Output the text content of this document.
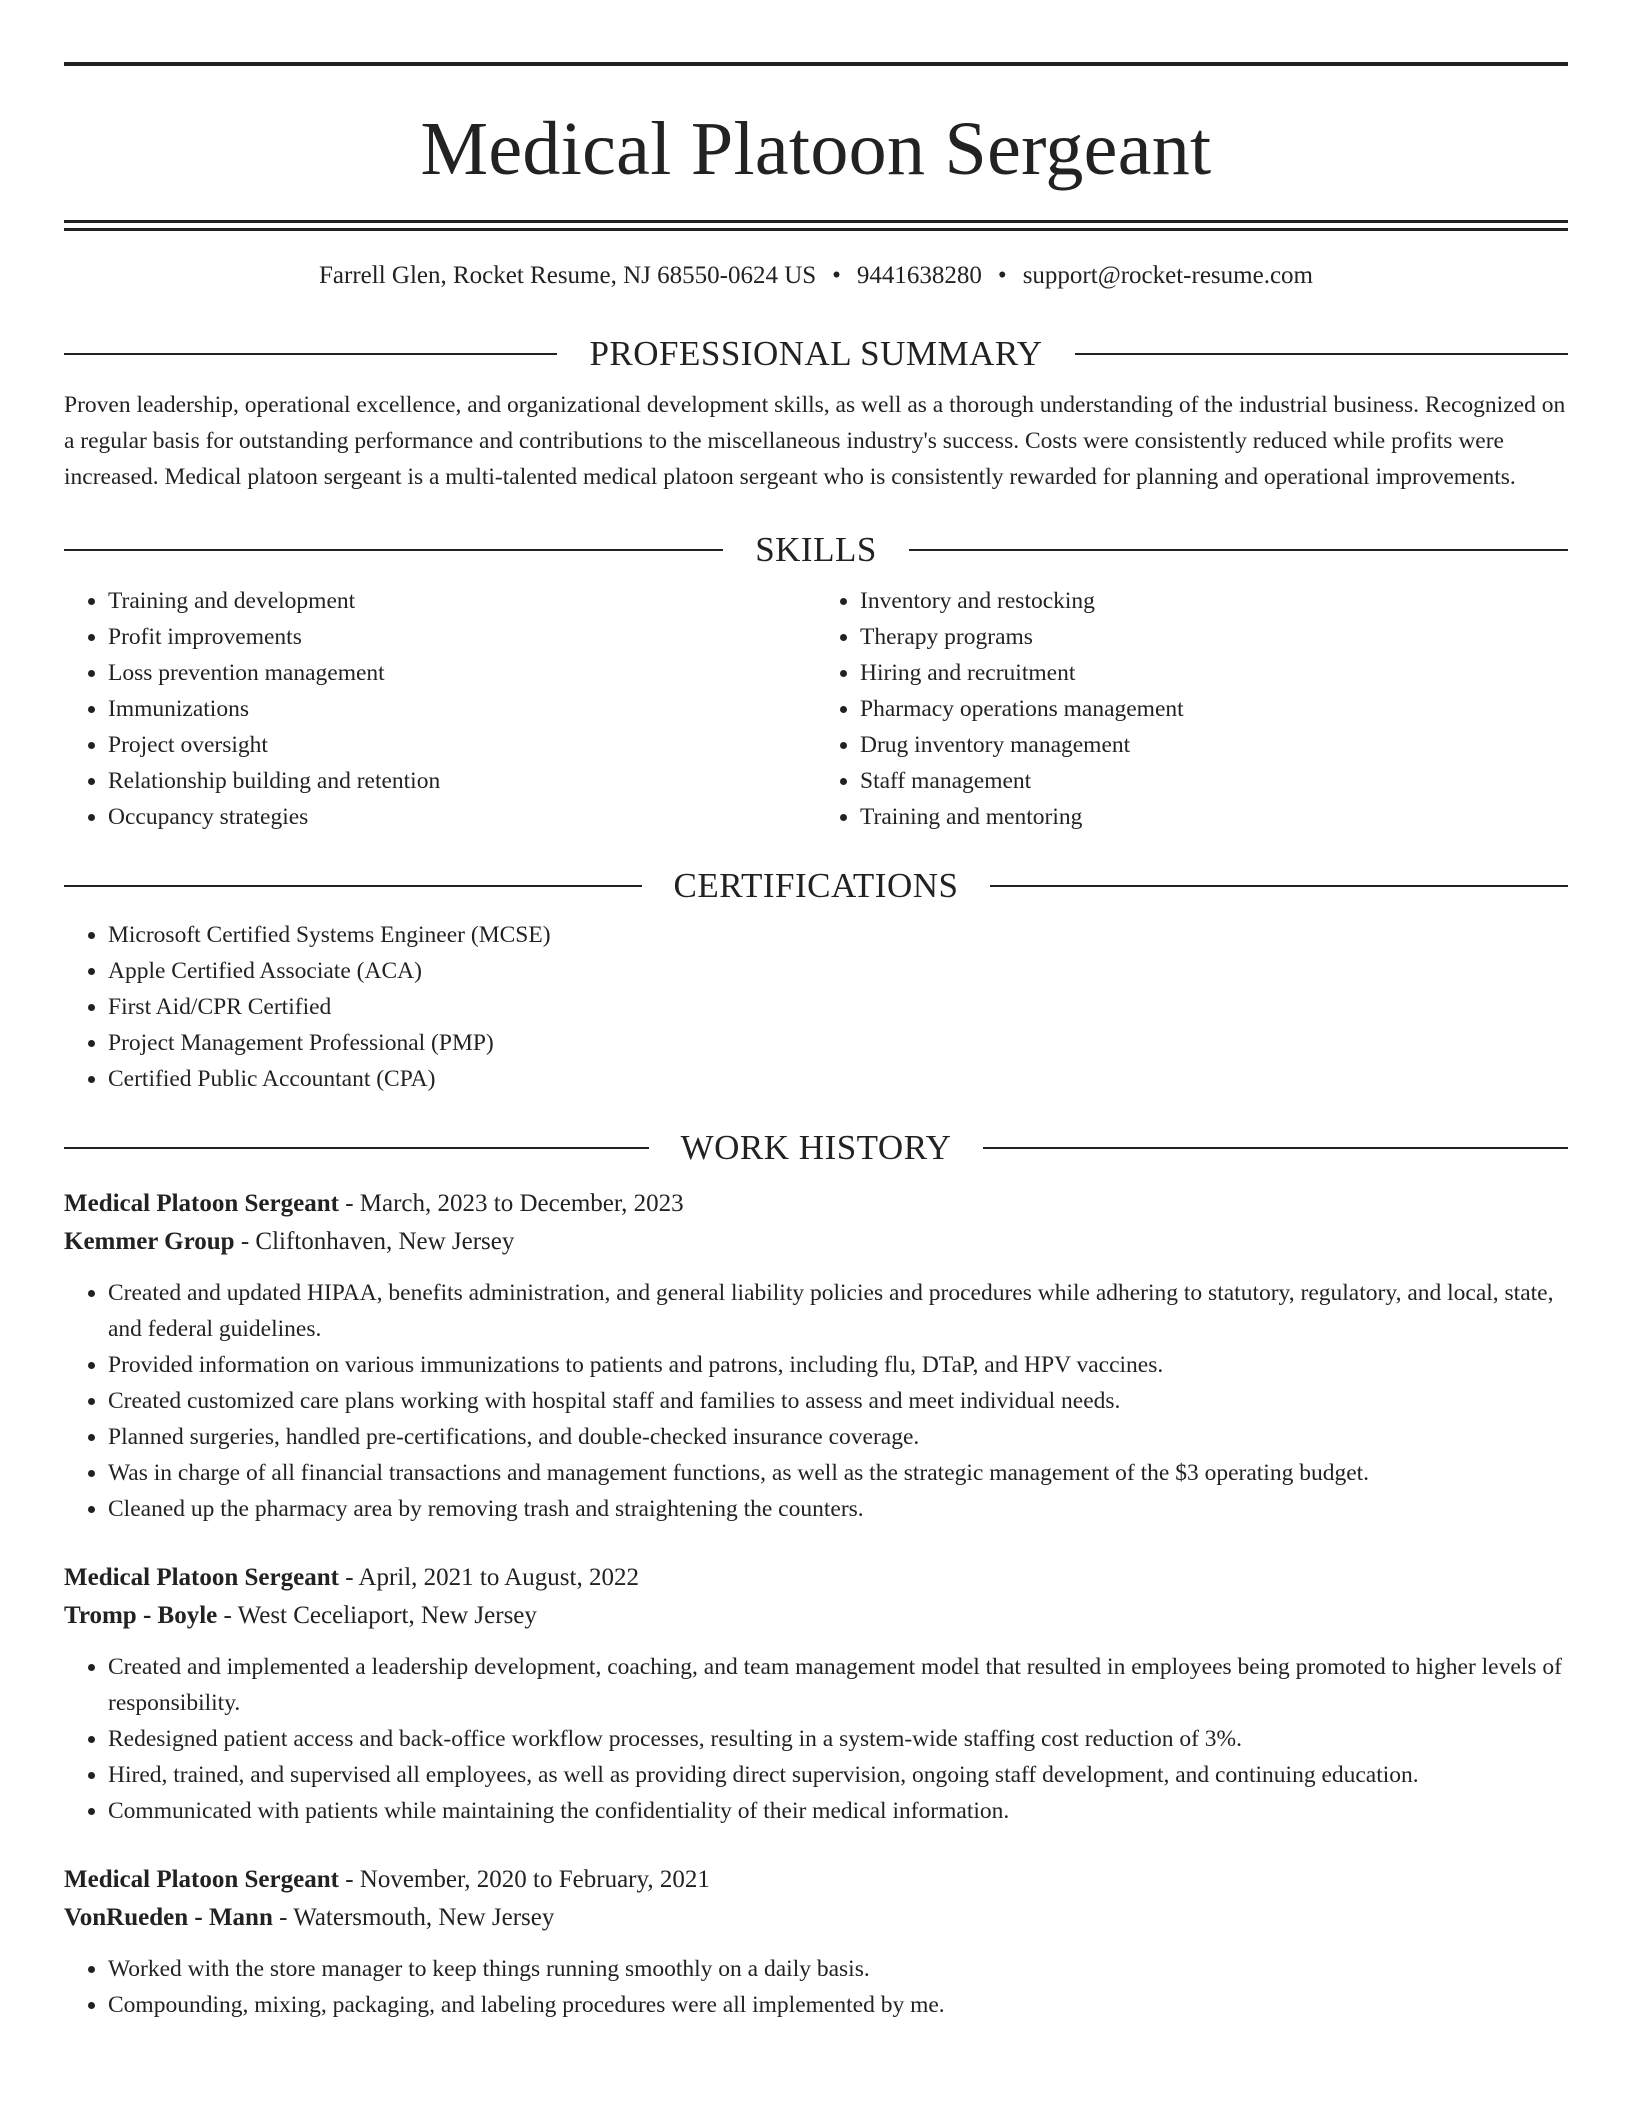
Medical Platoon Sergeant
Farrell Glen, Rocket Resume, NJ 68550-0624 US • 9441638280 • support@rocket-resume.com
PROFESSIONAL SUMMARY

Proven leadership, operational excellence, and organizational development skills, as well as a thorough understanding of the industrial business. Recognized on a regular basis for outstanding performance and contributions to the miscellaneous industry's success. Costs were consistently reduced while profits were increased. Medical platoon sergeant is a multi-talented medical platoon sergeant who is consistently rewarded for planning and operational improvements.

SKILLS
• Training and development
• Profit improvements
• Loss prevention management
• Immunizations
• Project oversight
• Relationship building and retention
• Occupancy strategies
• Inventory and restocking
• Therapy programs
• Hiring and recruitment
• Pharmacy operations management
• Drug inventory management
• Staff management
• Training and mentoring
CERTIFICATIONS
• Microsoft Certified Systems Engineer (MCSE)
• Apple Certified Associate (ACA)
• First Aid/CPR Certified
• Project Management Professional (PMP)
• Certified Public Accountant (CPA)
WORK HISTORY
Medical Platoon Sergeant - March, 2023 to December, 2023
Kemmer Group - Cliftonhaven, New Jersey
• Created and updated HIPAA, benefits administration, and general liability policies and procedures while adhering to statutory, regulatory, and local, state, and federal guidelines.
• Provided information on various immunizations to patients and patrons, including flu, DTaP, and HPV vaccines.
• Created customized care plans working with hospital staff and families to assess and meet individual needs.
• Planned surgeries, handled pre-certifications, and double-checked insurance coverage.
• Was in charge of all financial transactions and management functions, as well as the strategic management of the $3 operating budget.
• Cleaned up the pharmacy area by removing trash and straightening the counters.
Medical Platoon Sergeant - April, 2021 to August, 2022
Tromp - Boyle - West Ceceliaport, New Jersey
• Created and implemented a leadership development, coaching, and team management model that resulted in employees being promoted to higher levels of responsibility.
• Redesigned patient access and back-office workflow processes, resulting in a system-wide staffing cost reduction of 3%.
• Hired, trained, and supervised all employees, as well as providing direct supervision, ongoing staff development, and continuing education.
• Communicated with patients while maintaining the confidentiality of their medical information.
Medical Platoon Sergeant - November, 2020 to February, 2021
VonRueden - Mann - Watersmouth, New Jersey
• Worked with the store manager to keep things running smoothly on a daily basis.
• Compounding, mixing, packaging, and labeling procedures were all implemented by me.
